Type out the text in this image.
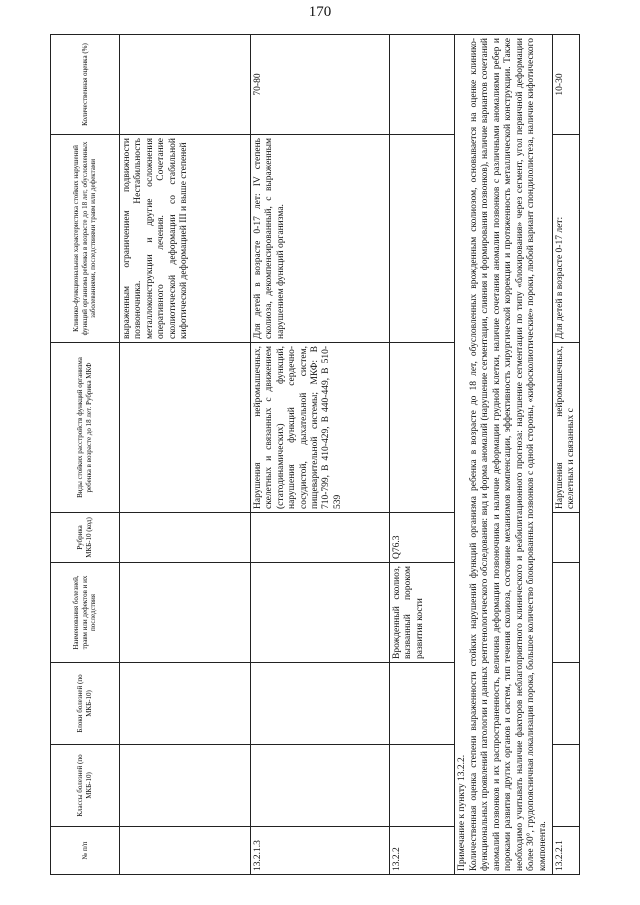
170
№ п/п	Классы болезней (по МКБ-10)	Блоки болезней (по МКБ-10)	Наименования болезней, травм или дефектов и их последствия	Рубрика МКБ-10 (код)	Виды стойких расстройств функций организма ребенка в возрасте до 18 лет. Рубрика МКФ	Клинико-функциональная характеристика стойких нарушений функций организма ребенка в возрасте до 18 лет, обусловленных заболеваниями, последствиями травм или дефектами	Количественная оценка (%)
						выраженным ограничением подвижности позвоночника. Нестабильность металлоконструкции и другие осложнения оперативного лечения. Сочетание сколиотической деформации со стабильной кифотической деформацией III и выше степеней	
13.2.1.3					Нарушения нейромышечных, скелетных и связанных с движением (статодинамических) функций, нарушения функций сердечно-сосудистой, дыхательной систем, пищеварительной системы; МКФ: В 710-799, В 410-429, В 440-449, В 510-539	Для детей в возрасте 0-17 лет: IV степень сколиоза, декомпенсированный, с выраженным нарушением функций организма.	70-80
13.2.2			Врожденный сколиоз, вызванный пороком развития кости	Q76.3			

Примечание к пункту 13.2.2. Количественная оценка степени выраженности стойких нарушений функций организма ребенка в возрасте до 18 лет, обусловленных врожденным сколиозом, основывается на оценке клинико-функциональных проявлений патологии и данных рентгенологического обследования: вид и форма аномалий (нарушение сегментации, слияния и формирования позвонков), наличие вариантов сочетаний аномалий позвонков и их распространенность, величина деформации позвоночника и наличие деформации грудной клетки, наличие сочетания аномалии позвонков с различными аномалиями ребер и пороками развития других органов и систем, тип течения сколиоза, состояние механизмов компенсации, эффективность хирургической коррекции и протяженность металлической конструкции. Также необходимо учитывать наличие факторов неблагоприятного клинического и реабилитационного прогноза: нарушение сегментации по типу «блокирования» через сегмент, угол первичной деформации более 30°, грудопоясничная локализация порока, большое количество блокированных позвонков с одной стороны, «кифосколиотические» пороки, любой вариант спондилолистеза, наличие кифотического компонента.							

13.2.2.1					Нарушения нейромышечных, скелетных и связанных с	Для детей в возрасте 0-17 лет:	10-30
